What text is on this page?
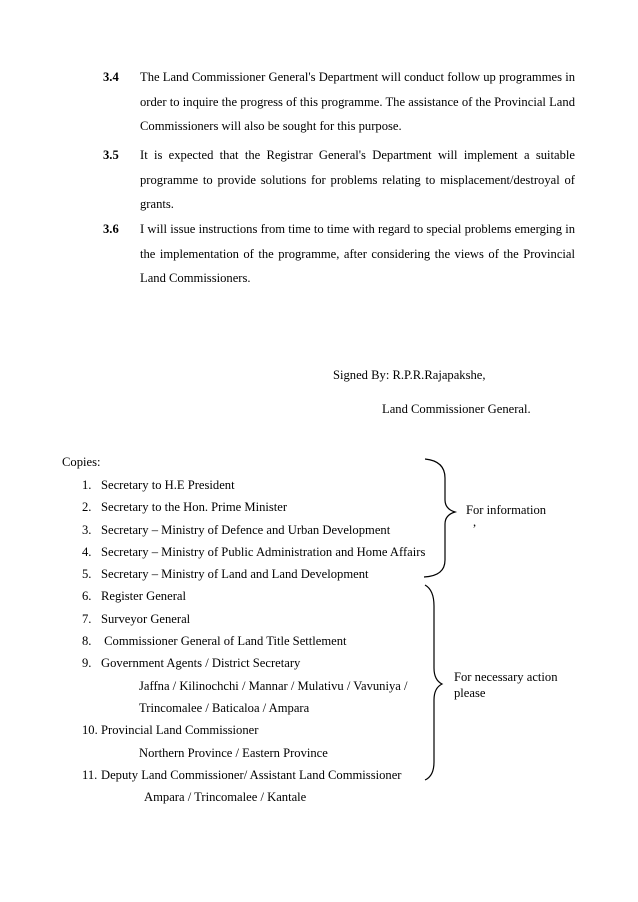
3.4 The Land Commissioner General's Department will conduct follow up programmes in order to inquire the progress of this programme. The assistance of the Provincial Land Commissioners will also be sought for this purpose.
3.5 It is expected that the Registrar General's Department will implement a suitable programme to provide solutions for problems relating to misplacement/destroyal of grants.
3.6 I will issue instructions from time to time with regard to special problems emerging in the implementation of the programme, after considering the views of the Provincial Land Commissioners.
Signed By: R.P.R.Rajapakshe,
Land Commissioner General.
Copies:
1. Secretary to H.E President
2. Secretary to the Hon. Prime Minister
3. Secretary – Ministry of Defence and Urban Development
4. Secretary – Ministry of Public Administration and Home Affairs
5. Secretary – Ministry of Land and Land Development
6. Register General
7. Surveyor General
8. Commissioner General of Land Title Settlement
9. Government Agents / District Secretary
Jaffna / Kilinochchi / Mannar / Mulativu / Vavuniya /
Trincomalee / Baticaloa / Ampara
10. Provincial Land Commissioner
Northern Province / Eastern Province
11. Deputy Land Commissioner/ Assistant Land Commissioner
Ampara / Trincomalee / Kantale
For information
,
For necessary action
please
